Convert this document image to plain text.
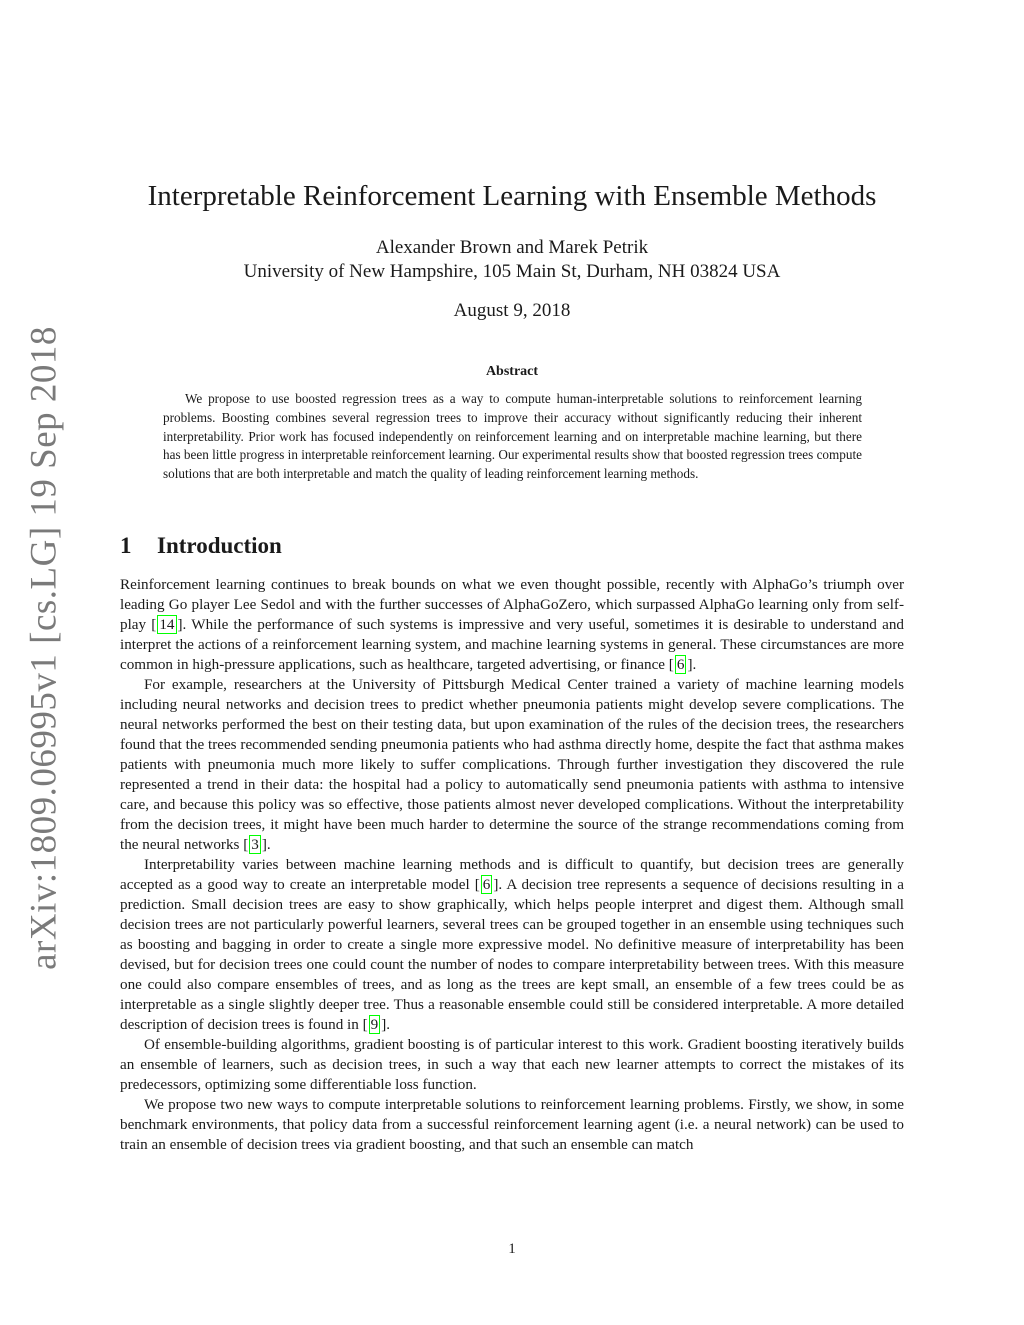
arXiv:1809.06995v1 [cs.LG] 19 Sep 2018
Interpretable Reinforcement Learning with Ensemble Methods
Alexander Brown and Marek Petrik
University of New Hampshire, 105 Main St, Durham, NH 03824 USA
August 9, 2018
Abstract
We propose to use boosted regression trees as a way to compute human-interpretable solutions to reinforcement learning problems. Boosting combines several regression trees to improve their accuracy without significantly reducing their inherent interpretability. Prior work has focused independently on reinforcement learning and on interpretable machine learning, but there has been little progress in interpretable reinforcement learning. Our experimental results show that boosted regression trees compute solutions that are both interpretable and match the quality of leading reinforcement learning methods.
1 Introduction

Reinforcement learning continues to break bounds on what we even thought possible, recently with AlphaGo’s triumph over leading Go player Lee Sedol and with the further successes of AlphaGoZero, which surpassed AlphaGo learning only from self-play [ 14 ]. While the performance of such systems is impressive and very useful, sometimes it is desirable to understand and interpret the actions of a reinforcement learning system, and machine learning systems in general. These circumstances are more common in high-pressure applications, such as healthcare, targeted advertising, or finance [ 6 ].

For example, researchers at the University of Pittsburgh Medical Center trained a variety of machine learning models including neural networks and decision trees to predict whether pneumonia patients might develop severe complications. The neural networks performed the best on their testing data, but upon examination of the rules of the decision trees, the researchers found that the trees recommended sending pneumonia patients who had asthma directly home, despite the fact that asthma makes patients with pneumonia much more likely to suffer complications. Through further investigation they discovered the rule represented a trend in their data: the hospital had a policy to automatically send pneumonia patients with asthma to intensive care, and because this policy was so effective, those patients almost never developed complications. Without the interpretability from the decision trees, it might have been much harder to determine the source of the strange recommendations coming from the neural networks [ 3 ].

Interpretability varies between machine learning methods and is difficult to quantify, but decision trees are generally accepted as a good way to create an interpretable model [ 6 ]. A decision tree represents a sequence of decisions resulting in a prediction. Small decision trees are easy to show graphically, which helps people interpret and digest them. Although small decision trees are not particularly powerful learners, several trees can be grouped together in an ensemble using techniques such as boosting and bagging in order to create a single more expressive model. No definitive measure of interpretability has been devised, but for decision trees one could count the number of nodes to compare interpretability between trees. With this measure one could also compare ensembles of trees, and as long as the trees are kept small, an ensemble of a few trees could be as interpretable as a single slightly deeper tree. Thus a reasonable ensemble could still be considered interpretable. A more detailed description of decision trees is found in [ 9 ].

Of ensemble-building algorithms, gradient boosting is of particular interest to this work. Gradient boosting iteratively builds an ensemble of learners, such as decision trees, in such a way that each new learner attempts to correct the mistakes of its predecessors, optimizing some differentiable loss function.

We propose two new ways to compute interpretable solutions to reinforcement learning problems. Firstly, we show, in some benchmark environments, that policy data from a successful reinforcement learning agent (i.e. a neural network) can be used to train an ensemble of decision trees via gradient boosting, and that such an ensemble can match

1
